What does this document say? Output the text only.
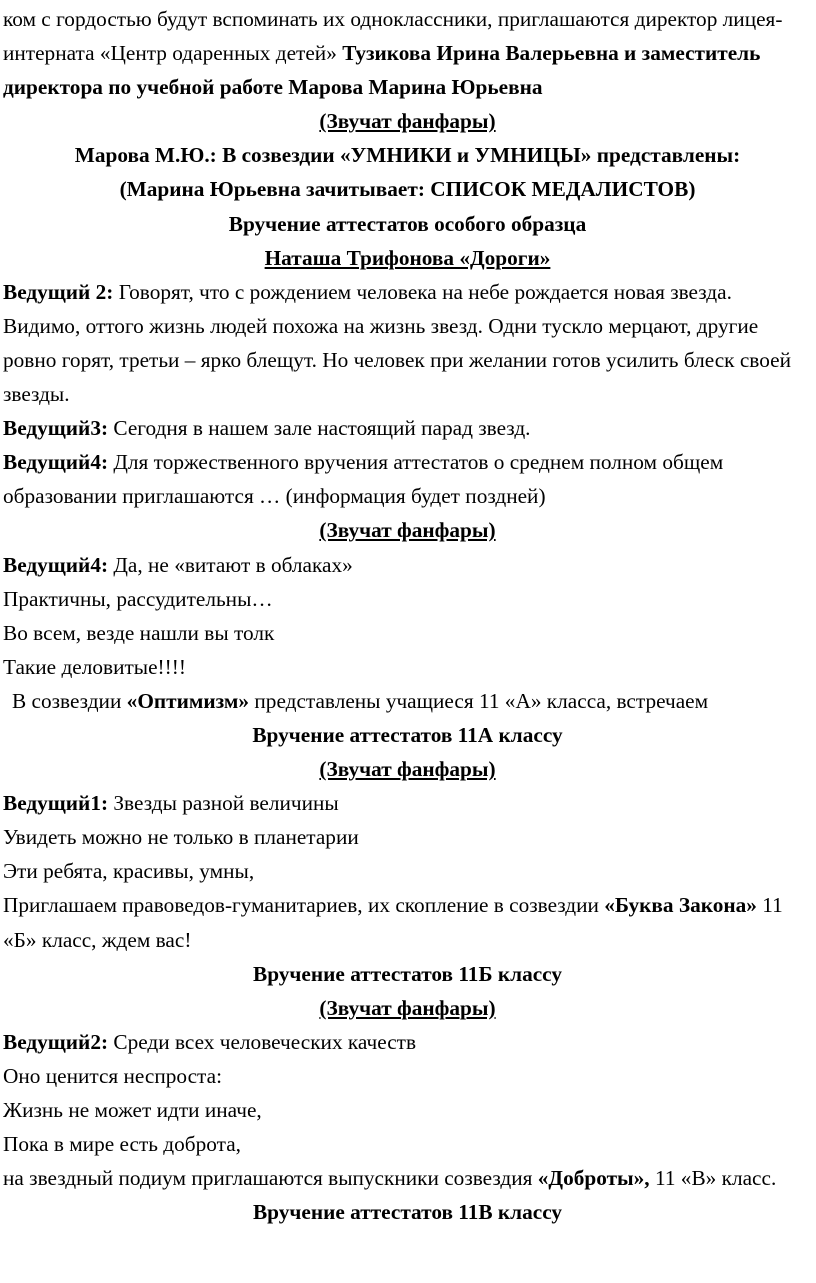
ком с гордостью будут вспоминать их одноклассники, приглашаются директор лицея-интерната «Центр одаренных детей» Тузикова Ирина Валерьевна и заместитель директора по учебной работе Марова Марина Юрьевна

(Звучат фанфары)

Марова М.Ю.: В созвездии «УМНИКИ и УМНИЦЫ» представлены:

(Марина Юрьевна зачитывает: СПИСОК МЕДАЛИСТОВ)

Вручение аттестатов особого образца

Наташа Трифонова «Дороги»

Ведущий 2: Говорят, что с рождением человека на небе рождается новая звезда. Видимо, оттого жизнь людей похожа на жизнь звезд. Одни тускло мерцают, другие ровно горят, третьи – ярко блещут. Но человек при желании готов усилить блеск своей звезды.

Ведущий3: Сегодня в нашем зале настоящий парад звезд.

Ведущий4: Для торжественного вручения аттестатов о среднем полном общем образовании приглашаются … (информация будет поздней)

(Звучат фанфары)

Ведущий4: Да, не «витают в облаках»

Практичны, рассудительны…

Во всем, везде нашли вы толк

Такие деловитые!!!!

В созвездии «Оптимизм» представлены учащиеся 11 «А» класса, встречаем

Вручение аттестатов 11А классу

(Звучат фанфары)

Ведущий1: Звезды разной величины

Увидеть можно не только в планетарии

Эти ребята, красивы, умны,

Приглашаем правоведов-гуманитариев, их скопление в созвездии «Буква Закона» 11 «Б» класс, ждем вас!

Вручение аттестатов 11Б классу

(Звучат фанфары)

Ведущий2: Среди всех человеческих качеств

Оно ценится неспроста:

Жизнь не может идти иначе,

Пока в мире есть доброта,

на звездный подиум приглашаются выпускники созвездия «Доброты», 11 «В» класс.

Вручение аттестатов 11В классу
